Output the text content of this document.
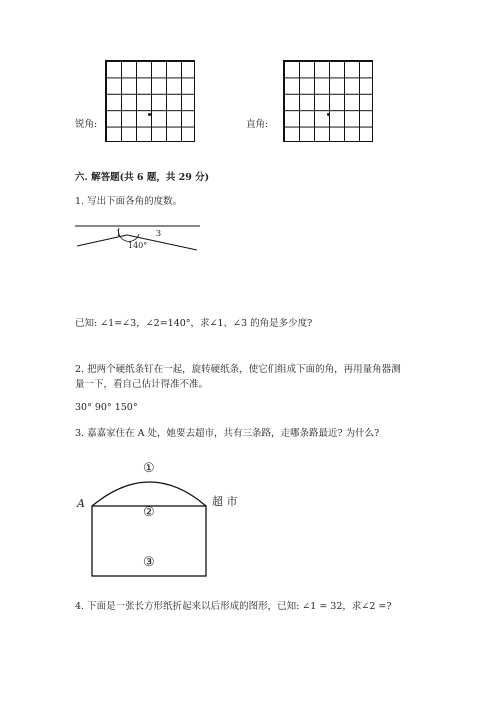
锐角:	直角:
六. 解答题(共 6 题，共 29 分)
1. 写出下面各角的度数。
1	3
140°
已知: ∠1=∠3，∠2=140°，求∠1、∠3 的角是多少度?
2. 把两个硬纸条钉在一起，旋转硬纸条，使它们组成下面的角，再用量角器测
量一下，看自己估计得准不准。
30° 90° 150°
3. 嘉嘉家住在 A 处，她要去超市，共有三条路，走哪条路最近? 为什么?
A	超 市
①
②
③
4. 下面是一张长方形纸折起来以后形成的图形，已知: ∠1 = 32，求∠2 =?
